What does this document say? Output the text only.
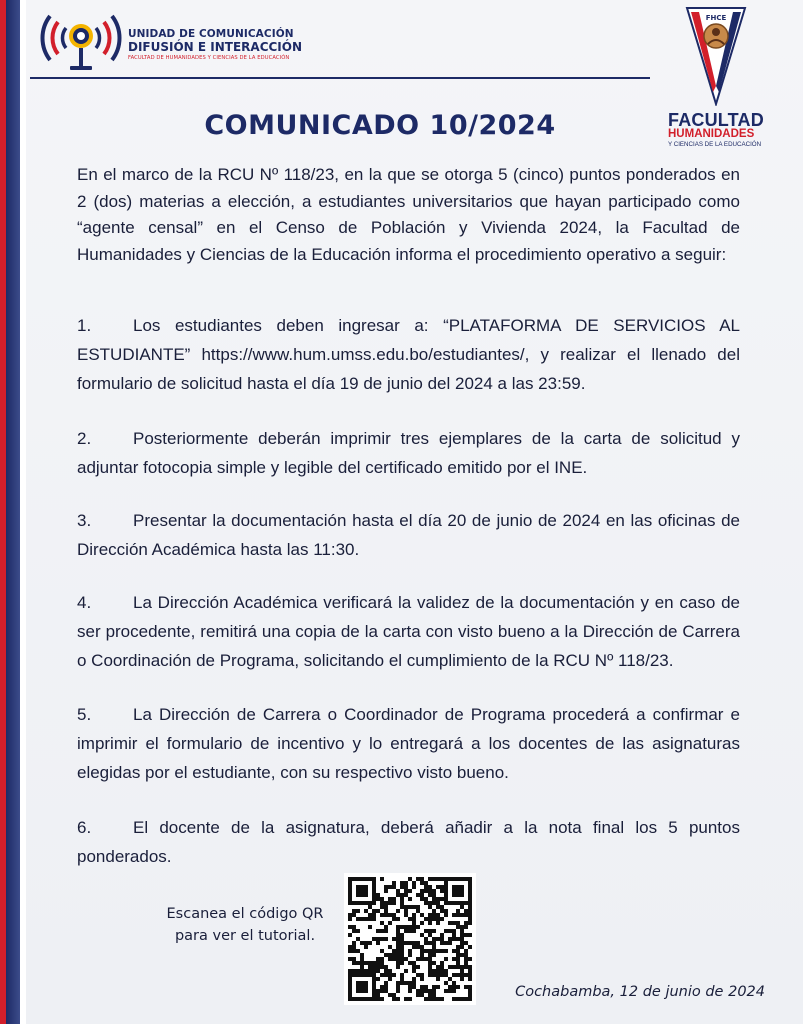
UNIDAD DE COMUNICACIÓN
DIFUSIÓN E INTERACCIÓN
FACULTAD DE HUMANIDADES Y CIENCIAS DE LA EDUCACIÓN
FHCE
FACULTAD
HUMANIDADES
Y CIENCIAS DE LA EDUCACIÓN
COMUNICADO 10/2024
En el marco de la RCU Nº 118/23, en la que se otorga 5 (cinco) puntos ponderados en 2 (dos) materias a elección, a estudiantes universitarios que hayan participado como “agente censal” en el Censo de Población y Vivienda 2024, la Facultad de Humanidades y Ciencias de la Educación informa el procedimiento operativo a seguir:
1. Los estudiantes deben ingresar a: “PLATAFORMA DE SERVICIOS AL ESTUDIANTE” https://www.hum.umss.edu.bo/estudiantes/, y realizar el llenado del formulario de solicitud hasta el día 19 de junio del 2024 a las 23:59.
2. Posteriormente deberán imprimir tres ejemplares de la carta de solicitud y adjuntar fotocopia simple y legible del certificado emitido por el INE.
3. Presentar la documentación hasta el día 20 de junio de 2024 en las oficinas de Dirección Académica hasta las 11:30.
4. La Dirección Académica verificará la validez de la documentación y en caso de ser procedente, remitirá una copia de la carta con visto bueno a la Dirección de Carrera o Coordinación de Programa, solicitando el cumplimiento de la RCU Nº 118/23.
5. La Dirección de Carrera o Coordinador de Programa procederá a confirmar e imprimir el formulario de incentivo y lo entregará a los docentes de las asignaturas elegidas por el estudiante, con su respectivo visto bueno.
6. El docente de la asignatura, deberá añadir a la nota final los 5 puntos ponderados.
Escanea el código QR
para ver el tutorial.
Cochabamba, 12 de junio de 2024
